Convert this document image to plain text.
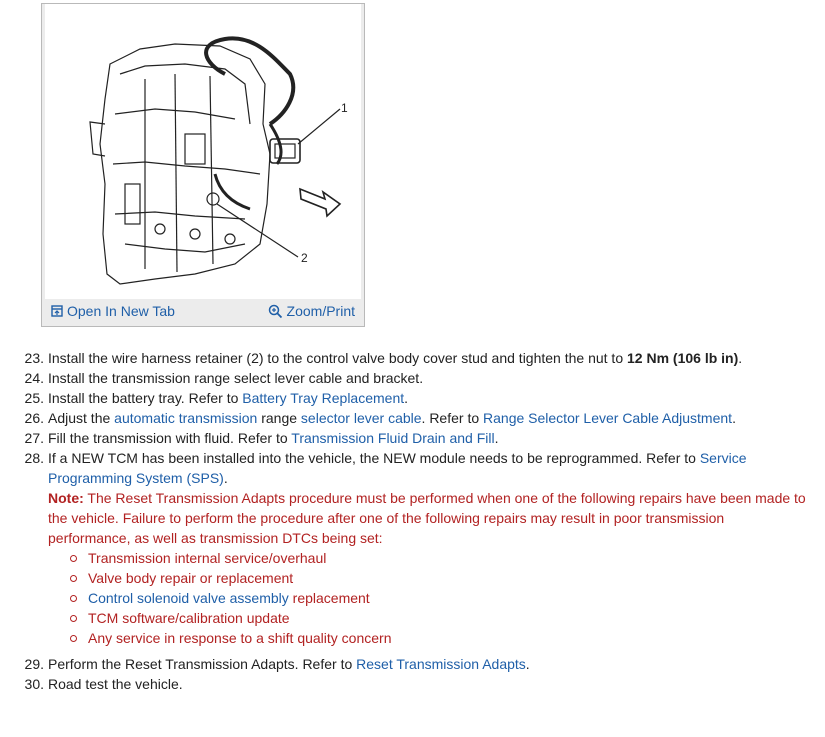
1
2
Open In New Tab	Zoom/Print
23. Install the wire harness retainer (2) to the control valve body cover stud and tighten the nut to 12 Nm (106 lb in).
24. Install the transmission range select lever cable and bracket.
25. Install the battery tray. Refer to Battery Tray Replacement.
26. Adjust the automatic transmission range selector lever cable. Refer to Range Selector Lever Cable Adjustment.
27. Fill the transmission with fluid. Refer to Transmission Fluid Drain and Fill.
28. If a NEW TCM has been installed into the vehicle, the NEW module needs to be reprogrammed. Refer to Service Programming System (SPS).
Note: The Reset Transmission Adapts procedure must be performed when one of the following repairs have been made to the vehicle. Failure to perform the procedure after one of the following repairs may result in poor transmission performance, as well as transmission DTCs being set:
Transmission internal service/overhaul
Valve body repair or replacement
Control solenoid valve assembly replacement
TCM software/calibration update
Any service in response to a shift quality concern
29. Perform the Reset Transmission Adapts. Refer to Reset Transmission Adapts.
30. Road test the vehicle.
